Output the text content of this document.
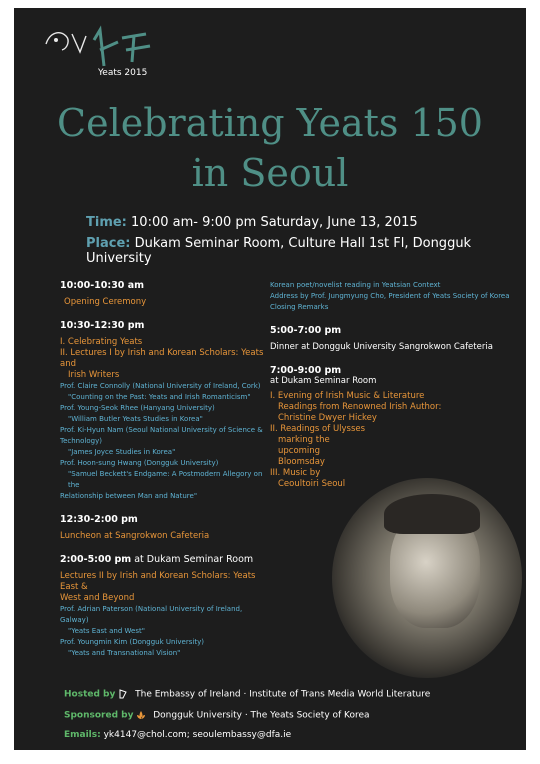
Yeats 2015
Celebrating Yeats 150
in Seoul
Time: 10:00 am- 9:00 pm Saturday, June 13, 2015
Place: Dukam Seminar Room, Culture Hall 1st Fl, Dongguk University
10:00-10:30 am
Opening Ceremony
10:30-12:30 pm
I. Celebrating Yeats
II. Lectures I by Irish and Korean Scholars: Yeats and
Irish Writers
Prof. Claire Connolly (National University of Ireland, Cork)
"Counting on the Past: Yeats and Irish Romanticism"
Prof. Young-Seok Rhee (Hanyang University)
"William Butler Yeats Studies in Korea"
Prof. Ki-Hyun Nam (Seoul National University of Science &
Technology)
"James Joyce Studies in Korea"
Prof. Hoon-sung Hwang (Dongguk University)
"Samuel Beckett's Endgame: A Postmodern Allegory on the
Relationship between Man and Nature"
12:30-2:00 pm
Luncheon at Sangrokwon Cafeteria
2:00-5:00 pm at Dukam Seminar Room
Lectures II by Irish and Korean Scholars: Yeats East &
West and Beyond
Prof. Adrian Paterson (National University of Ireland, Galway)
"Yeats East and West"
Prof. Youngmin Kim (Dongguk University)
"Yeats and Transnational Vision"
Korean poet/novelist reading in Yeatsian Context
Address by Prof. Jungmyung Cho, President of Yeats Society of Korea
Closing Remarks
5:00-7:00 pm
Dinner at Dongguk University Sangrokwon Cafeteria
7:00-9:00 pm
at Dukam Seminar Room
I. Evening of Irish Music & Literature
Readings from Renowned Irish Author:
Christine Dwyer Hickey
II. Readings of Ulysses
marking the
upcoming
Bloomsday
III. Music by
Ceoultoiri Seoul
Hosted by The Embassy of Ireland · Institute of Trans Media World Literature
Sponsored by Dongguk University · The Yeats Society of Korea
Emails: yk4147@chol.com; seoulembassy@dfa.ie
